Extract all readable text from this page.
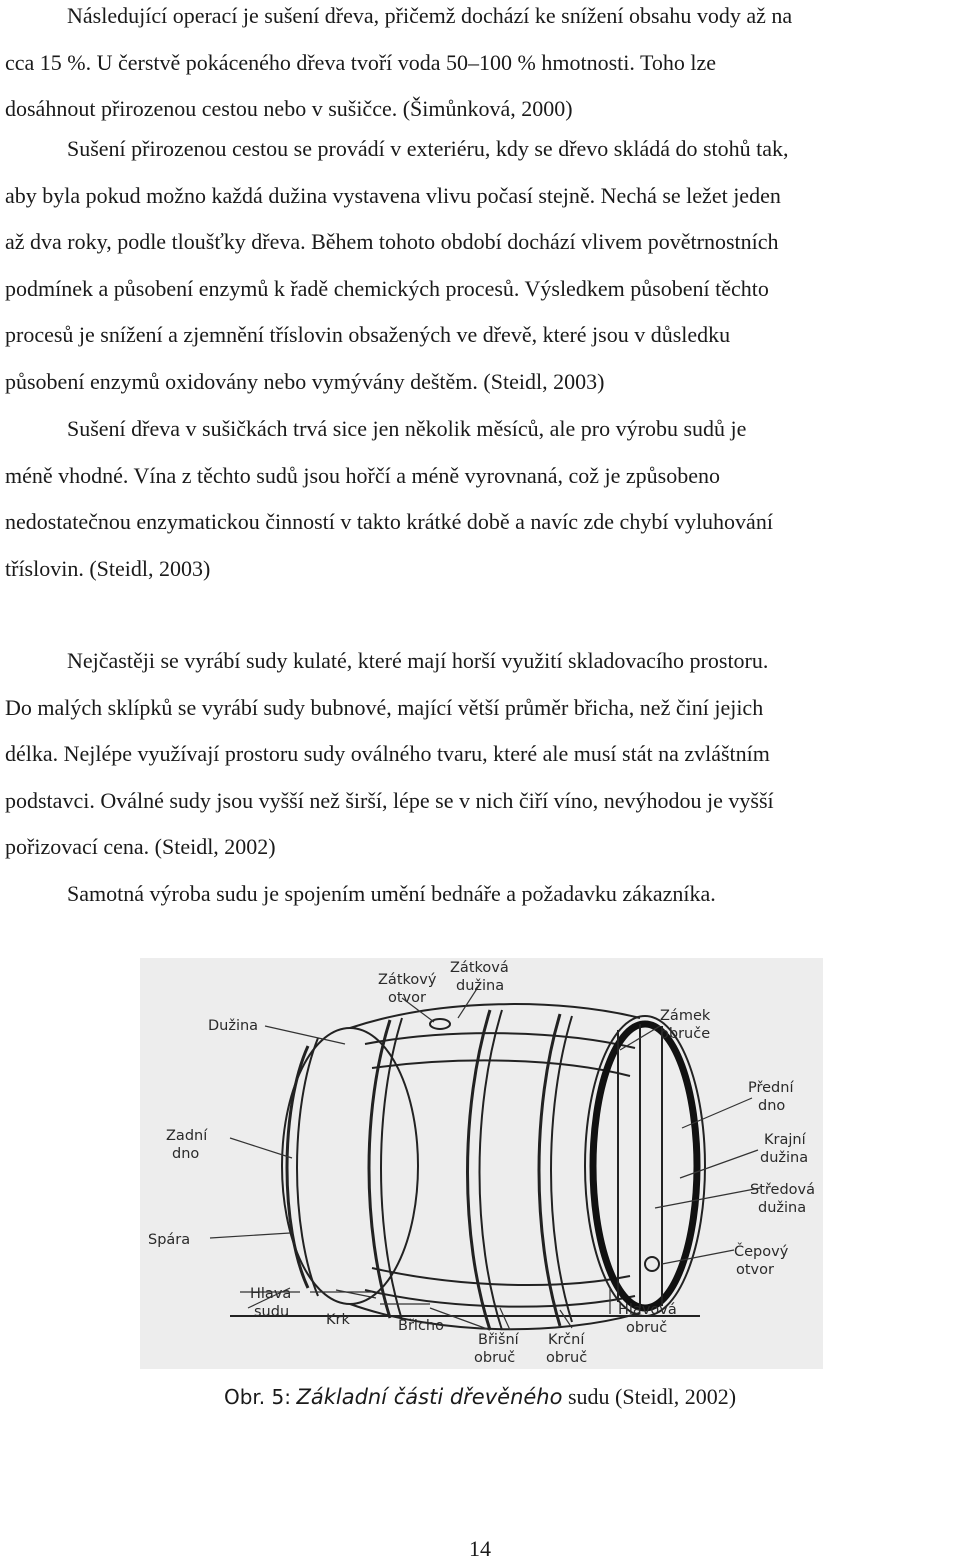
Následující operací je sušení dřeva, přičemž dochází ke snížení obsahu vody až na
cca 15 %. U čerstvě pokáceného dřeva tvoří voda 50–100 % hmotnosti. Toho lze
dosáhnout přirozenou cestou nebo v sušičce. (Šimůnková, 2000)

Sušení přirozenou cestou se provádí v exteriéru, kdy se dřevo skládá do stohů tak,
aby byla pokud možno každá dužina vystavena vlivu počasí stejně. Nechá se ležet jeden
až dva roky, podle tloušťky dřeva. Během tohoto období dochází vlivem povětrnostních
podmínek a působení enzymů k řadě chemických procesů. Výsledkem působení těchto
procesů je snížení a zjemnění tříslovin obsažených ve dřevě, které jsou v důsledku
působení enzymů oxidovány nebo vymývány deštěm. (Steidl, 2003)

Sušení dřeva v sušičkách trvá sice jen několik měsíců, ale pro výrobu sudů je
méně vhodné. Vína z těchto sudů jsou hořčí a méně vyrovnaná, což je způsobeno
nedostatečnou enzymatickou činností v takto krátké době a navíc zde chybí vyluhování
tříslovin. (Steidl, 2003)

Nejčastěji se vyrábí sudy kulaté, které mají horší využití skladovacího prostoru.
Do malých sklípků se vyrábí sudy bubnové, mající větší průměr břicha, než činí jejich
délka. Nejlépe využívají prostoru sudy oválného tvaru, které ale musí stát na zvláštním
podstavci. Oválné sudy jsou vyšší než širší, lépe se v nich čiří víno, nevýhodou je vyšší
pořizovací cena. (Steidl, 2002)

Samotná výroba sudu je spojením umění bednáře a požadavku zákazníka.

Zátkový
otvor
Zátková
dužina
Dužina
Zámek
obruče
Přední
dno
Zadní
dno
Krajní
dužina
Středová
dužina
Spára
Čepový
otvor
Hlava
sudu	Krk	Břicho
Břišní
obruč
Krční
obruč
Hlavová
obruč
Obr. 5: Základní části dřevěného sudu (Steidl, 2002)
14
